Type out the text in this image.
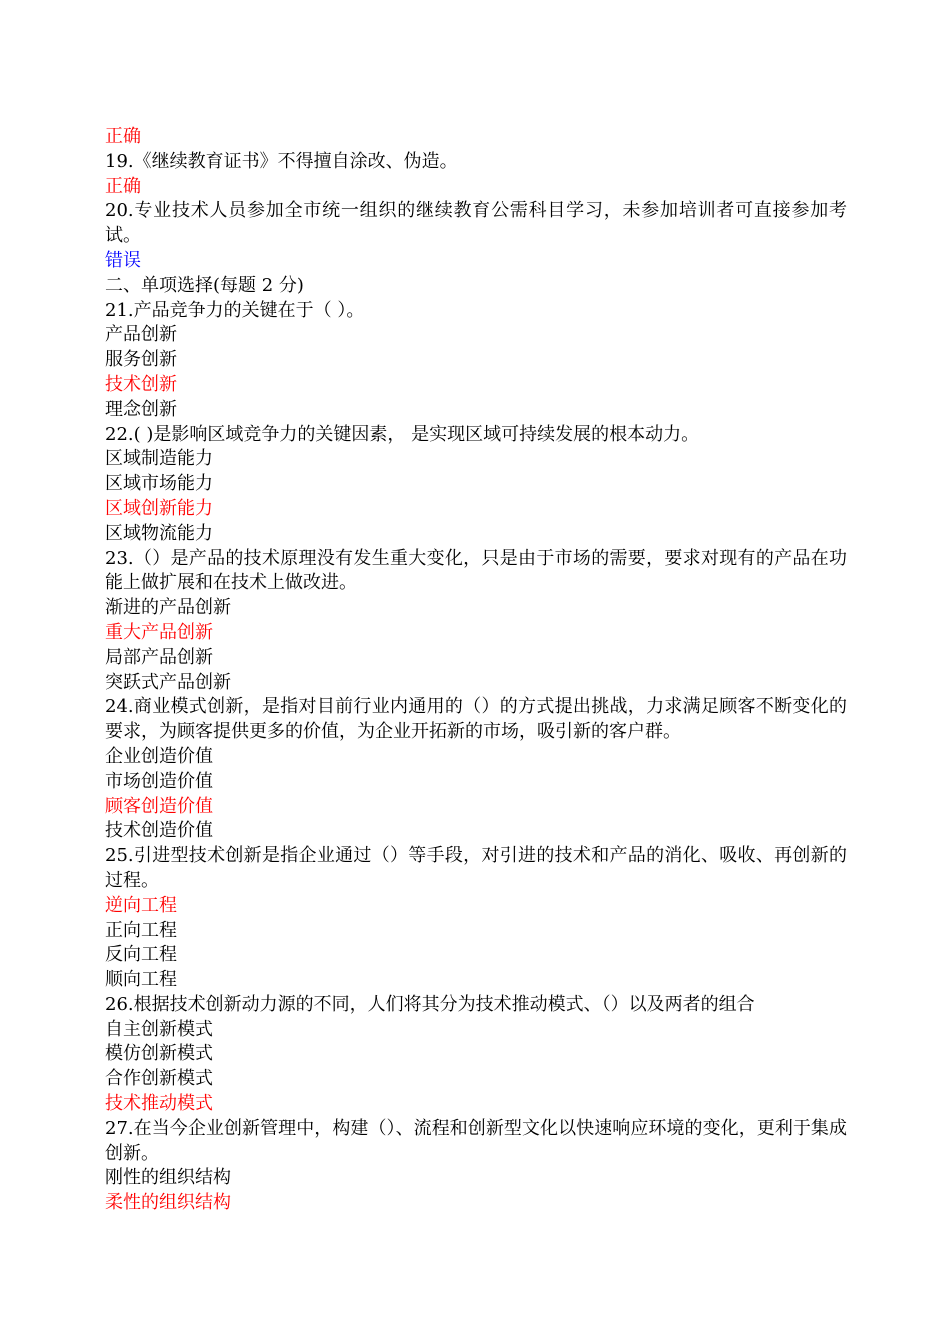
正确
19.《继续教育证书》不得擅自涂改、伪造。
正确
20.专业技术人员参加全市统一组织的继续教育公需科目学习，未参加培训者可直接参加考试。
错误
二、单项选择(每题 2 分)
21.产品竞争力的关键在于（ ）。
产品创新
服务创新
技术创新
理念创新
22.( )是影响区域竞争力的关键因素， 是实现区域可持续发展的根本动力。
区域制造能力
区域市场能力
区域创新能力
区域物流能力
23.（）是产品的技术原理没有发生重大变化，只是由于市场的需要，要求对现有的产品在功能上做扩展和在技术上做改进。
渐进的产品创新
重大产品创新
局部产品创新
突跃式产品创新
24.商业模式创新，是指对目前行业内通用的（）的方式提出挑战，力求满足顾客不断变化的要求，为顾客提供更多的价值，为企业开拓新的市场，吸引新的客户群。
企业创造价值
市场创造价值
顾客创造价值
技术创造价值
25.引进型技术创新是指企业通过（）等手段，对引进的技术和产品的消化、吸收、再创新的过程。
逆向工程
正向工程
反向工程
顺向工程
26.根据技术创新动力源的不同，人们将其分为技术推动模式、（）以及两者的组合
自主创新模式
模仿创新模式
合作创新模式
技术推动模式
27.在当今企业创新管理中，构建（）、流程和创新型文化以快速响应环境的变化，更利于集成创新。
刚性的组织结构
柔性的组织结构
